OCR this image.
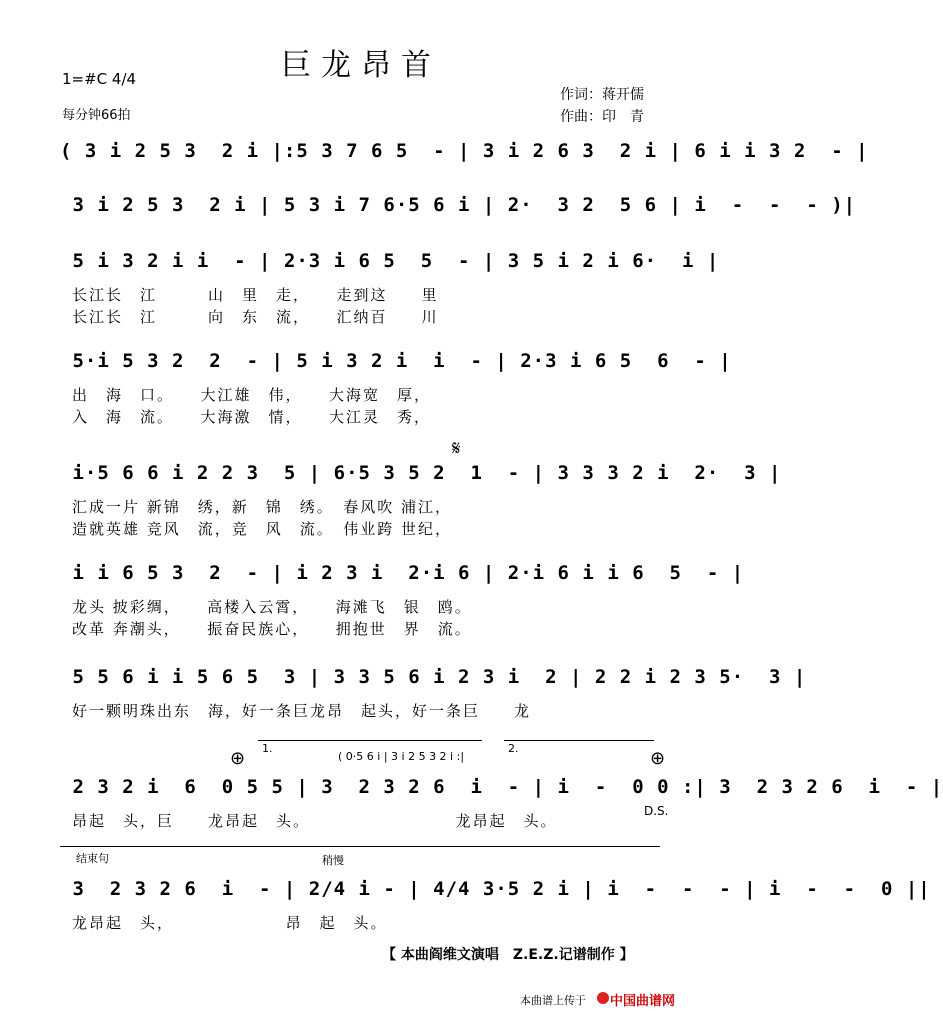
巨龙昂首
1=#C 4/4
每分钟66拍
作词：蒋开儒
作曲：印　青
( 3 i 2 5 3  2 i |:5 3 7 6 5  - | 3 i 2 6 3  2 i | 6 i i 3 2  - |
3 i 2 5 3  2 i | 5 3 i 7 6·5 6 i | 2·  3 2  5 6 | i  -  -  - )|
5 i 3 2 i i  - | 2·3 i 6 5  5  - | 3 5 i 2 i 6·  i |
长江长　江　　　山　里　走，　　走到这　　里
长江长　江　　　向　东　流，　　汇纳百　　川
5·i 5 3 2  2  - | 5 i 3 2 i  i  - | 2·3 i 6 5  6  - |
出　海　口。　　大江雄　伟，　　大海宽　厚，
入　海　流。　　大海激　情，　　大江灵　秀，
i·5 6 6 i 2 2 3  5 | 6·5 3 5 2  1  - | 3 3 3 2 i  2·  3 |
汇成一片 新锦　绣，新　锦　绣。　春风吹 浦江，
造就英雄 竞风　流，竞　风　流。　伟业跨 世纪，
i i 6 5 3  2  - | i 2 3 i  2·i 6 | 2·i 6 i i 6  5  - |
龙头 披彩绸，　　高楼入云霄，　　海滩飞　银　鸥。
改革 奔潮头，　　振奋民族心，　　拥抱世　界　流。
5 5 6 i i 5 6 5  3 | 3 3 5 6 i 2 3 i  2 | 2 2 i 2 3 5·  3 |
好一颗明珠出东　海，好一条巨龙昂　起头，好一条巨　　龙
2 3 2 i  6  0 5 5 | 3  2 3 2 6  i  - | i  -  0 0 :| 3  2 3 2 6  i  - |
昂起　头，巨　　龙昂起　头。　　　　　　　　　龙昂起　头。
3  2 3 2 6  i  - | 2/4 i - | 4/4 3·5 2 i | i  -  -  - | i  -  -  0 ||
龙昂起　头，　　　　　　　昂　起　头。
1.	2.
( 0·5 6 i | 3 i 2 5 3 2 i :|
𝄋
⊕	⊕
D.S.
结束句	稍慢
【 本曲阎维文演唱　Z.E.Z.记谱制作 】
本曲谱上传于 中国曲谱网
